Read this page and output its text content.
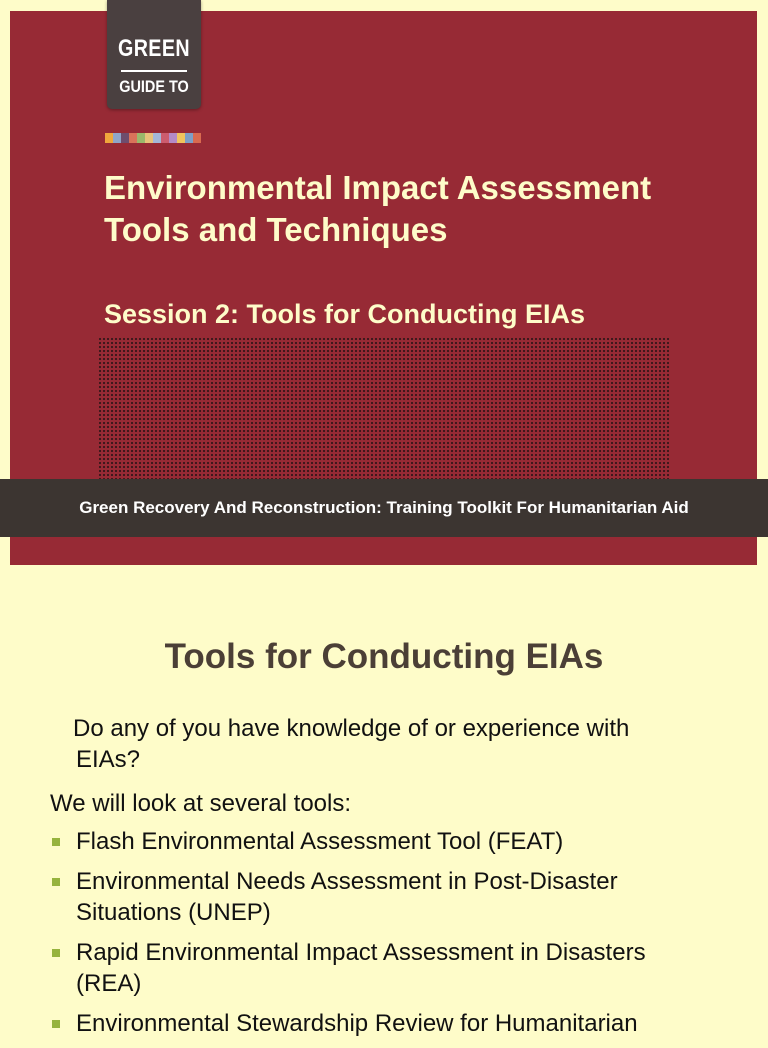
GREEN
GUIDE TO
Environmental Impact Assessment
Tools and Techniques
Session 2: Tools for Conducting EIAs
Green Recovery And Reconstruction: Training Toolkit For Humanitarian Aid
Tools for Conducting EIAs

Do any of you have knowledge of or experience with
EIAs?

We will look at several tools:

Flash Environmental Assessment Tool (FEAT)
Environmental Needs Assessment in Post-Disaster
Situations (UNEP)
Rapid Environmental Impact Assessment in Disasters
(REA)
Environmental Stewardship Review for Humanitarian
